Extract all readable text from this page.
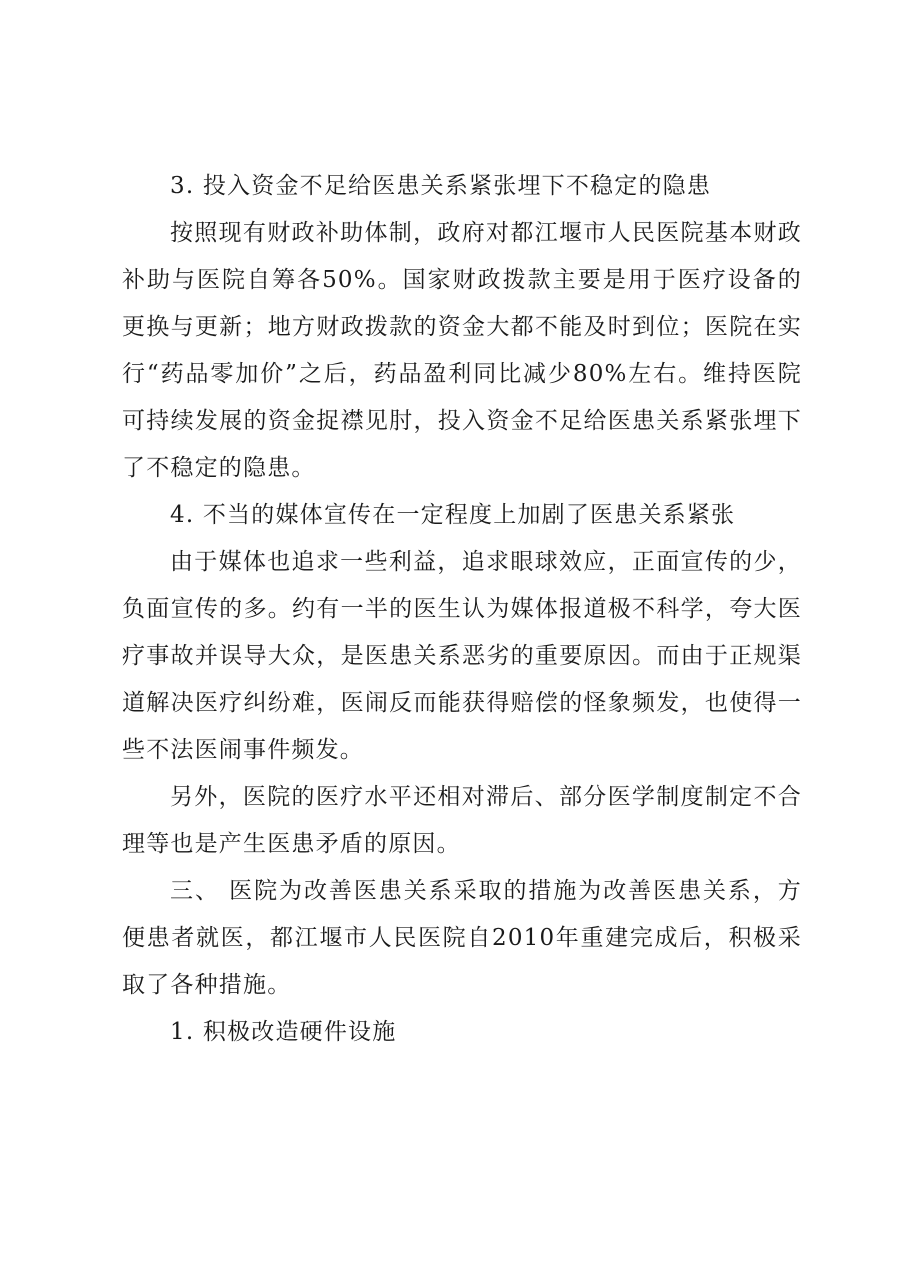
3. 投入资金不足给医患关系紧张埋下不稳定的隐患

按照现有财政补助体制，政府对都江堰市人民医院基本财政补助与医院自筹各50%。国家财政拨款主要是用于医疗设备的更换与更新；地方财政拨款的资金大都不能及时到位；医院在实行“药品零加价”之后，药品盈利同比减少80%左右。维持医院可持续发展的资金捉襟见肘，投入资金不足给医患关系紧张埋下了不稳定的隐患。

4. 不当的媒体宣传在一定程度上加剧了医患关系紧张

由于媒体也追求一些利益，追求眼球效应，正面宣传的少，负面宣传的多。约有一半的医生认为媒体报道极不科学，夸大医疗事故并误导大众，是医患关系恶劣的重要原因。而由于正规渠道解决医疗纠纷难，医闹反而能获得赔偿的怪象频发，也使得一些不法医闹事件频发。

另外，医院的医疗水平还相对滞后、部分医学制度制定不合理等也是产生医患矛盾的原因。

三、 医院为改善医患关系采取的措施为改善医患关系，方便患者就医，都江堰市人民医院自2010年重建完成后，积极采取了各种措施。

1. 积极改造硬件设施
